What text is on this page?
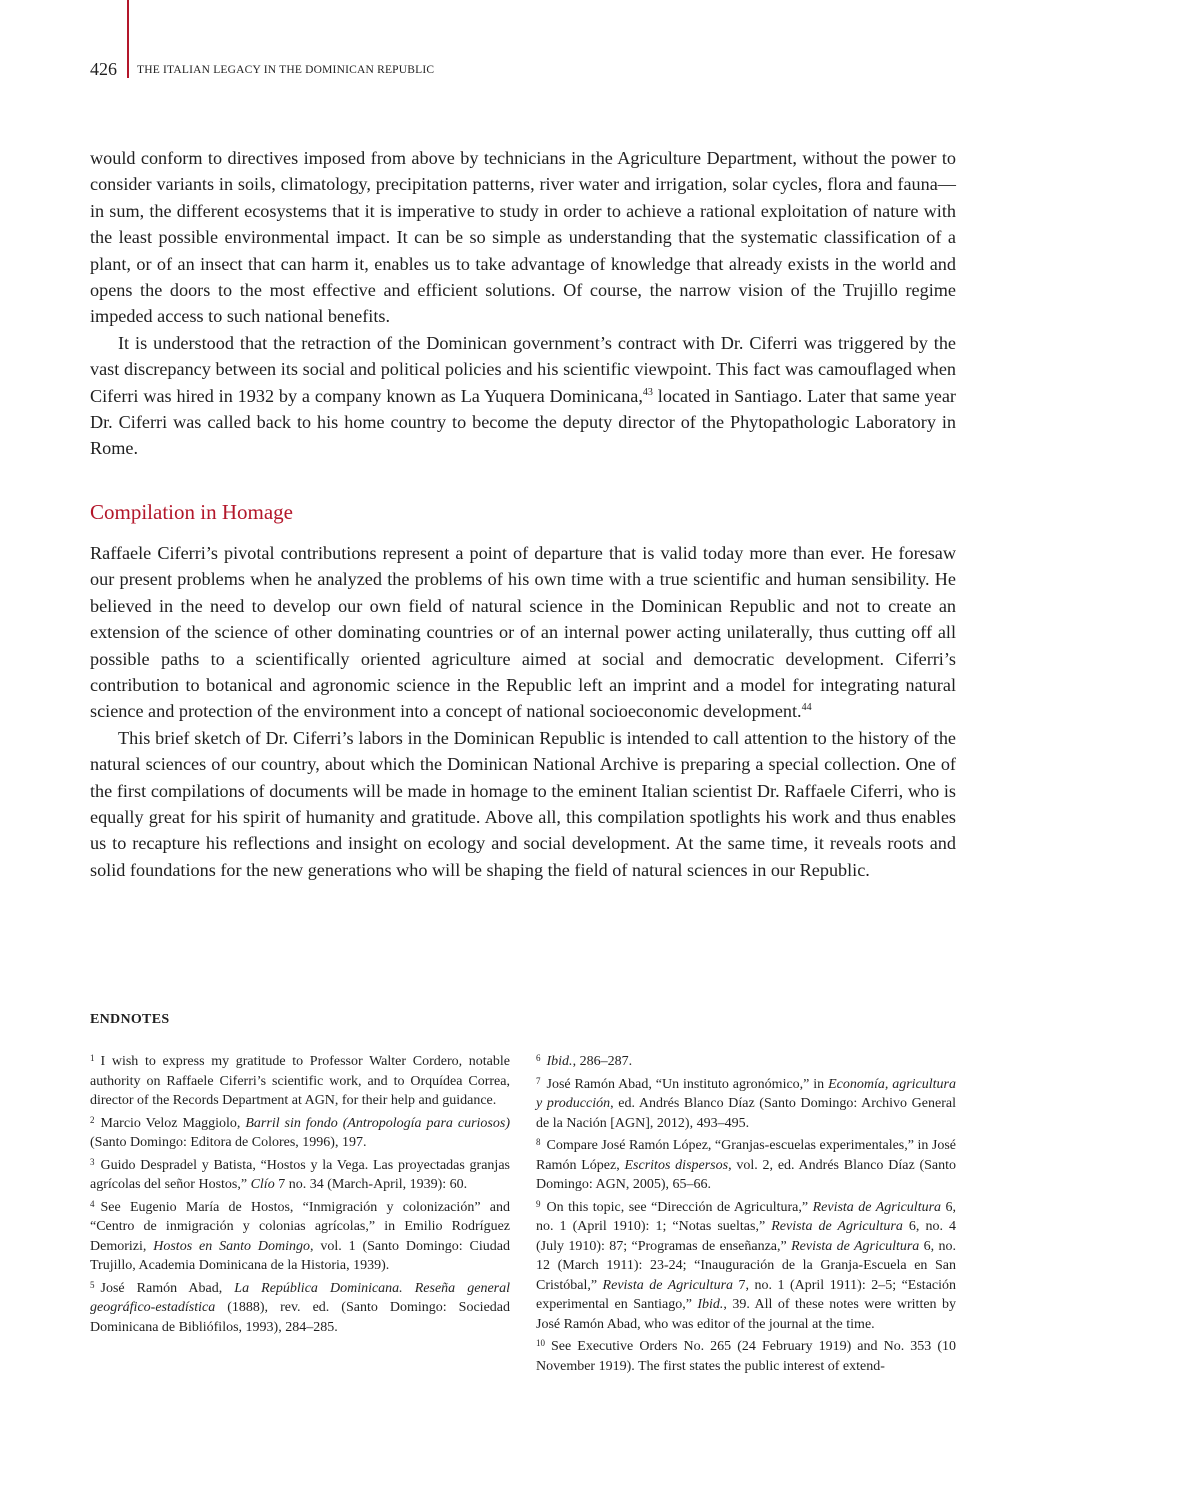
426 THE ITALIAN LEGACY IN THE DOMINICAN REPUBLIC

would conform to directives imposed from above by technicians in the Agriculture Department, without the power to consider variants in soils, climatology, precipitation patterns, river water and irrigation, solar cycles, flora and fauna—in sum, the different ecosystems that it is imperative to study in order to achieve a rational exploitation of nature with the least possible environmental impact. It can be so simple as understanding that the systematic classification of a plant, or of an insect that can harm it, enables us to take advantage of knowledge that already exists in the world and opens the doors to the most effective and efficient solutions. Of course, the narrow vision of the Trujillo regime impeded access to such national benefits.

It is understood that the retraction of the Dominican government’s contract with Dr. Ciferri was triggered by the vast discrepancy between its social and political policies and his scientific viewpoint. This fact was camouflaged when Ciferri was hired in 1932 by a company known as La Yuquera Dominicana,$^{43}$ located in Santiago. Later that same year Dr. Ciferri was called back to his home country to become the deputy director of the Phytopathologic Laboratory in Rome.

Compilation in Homage

Raffaele Ciferri’s pivotal contributions represent a point of departure that is valid today more than ever. He foresaw our present problems when he analyzed the problems of his own time with a true scientific and human sensibility. He believed in the need to develop our own field of natural science in the Dominican Republic and not to create an extension of the science of other dominating countries or of an internal power acting unilaterally, thus cutting off all possible paths to a scientifically oriented agriculture aimed at social and democratic development. Ciferri’s contribution to botanical and agronomic science in the Republic left an imprint and a model for integrating natural science and protection of the environment into a concept of national socioeconomic development.$^{44}$

This brief sketch of Dr. Ciferri’s labors in the Dominican Republic is intended to call attention to the history of the natural sciences of our country, about which the Dominican National Archive is preparing a special collection. One of the first compilations of documents will be made in homage to the eminent Italian scientist Dr. Raffaele Ciferri, who is equally great for his spirit of humanity and gratitude. Above all, this compilation spotlights his work and thus enables us to recapture his reflections and insight on ecology and social development. At the same time, it reveals roots and solid foundations for the new generations who will be shaping the field of natural sciences in our Republic.

ENDNOTES

$^1$ I wish to express my gratitude to Professor Walter Cordero, notable authority on Raffaele Ciferri’s scientific work, and to Orquídea Correa, director of the Records Department at AGN, for their help and guidance.

$^2$ Marcio Veloz Maggiolo, Barril sin fondo (Antropología para curiosos) (Santo Domingo: Editora de Colores, 1996), 197.

$^3$ Guido Despradel y Batista, “Hostos y la Vega. Las proyectadas granjas agrícolas del señor Hostos,” Clío 7 no. 34 (March-April, 1939): 60.

$^4$ See Eugenio María de Hostos, “Inmigración y colonización” and “Centro de inmigración y colonias agrícolas,” in Emilio Rodríguez Demorizi, Hostos en Santo Domingo, vol. 1 (Santo Domingo: Ciudad Trujillo, Academia Dominicana de la Historia, 1939).

$^5$ José Ramón Abad, La República Dominicana. Reseña general geográfico-estadística (1888), rev. ed. (Santo Domingo: Sociedad Dominicana de Bibliófilos, 1993), 284–285.

$^6$ Ibid., 286–287.

$^7$ José Ramón Abad, “Un instituto agronómico,” in Economía, agricultura y producción, ed. Andrés Blanco Díaz (Santo Domingo: Archivo General de la Nación [AGN], 2012), 493–495.

$^8$ Compare José Ramón López, “Granjas-escuelas experimentales,” in José Ramón López, Escritos dispersos, vol. 2, ed. Andrés Blanco Díaz (Santo Domingo: AGN, 2005), 65–66.

$^9$ On this topic, see “Dirección de Agricultura,” Revista de Agricultura 6, no. 1 (April 1910): 1; “Notas sueltas,” Revista de Agricultura 6, no. 4 (July 1910): 87; “Programas de enseñanza,” Revista de Agricultura 6, no. 12 (March 1911): 23-24; “Inauguración de la Granja-Escuela en San Cristóbal,” Revista de Agricultura 7, no. 1 (April 1911): 2–5; “Estación experimental en Santiago,” Ibid., 39. All of these notes were written by José Ramón Abad, who was editor of the journal at the time.

$^{10}$ See Executive Orders No. 265 (24 February 1919) and No. 353 (10 November 1919). The first states the public interest of extend-
